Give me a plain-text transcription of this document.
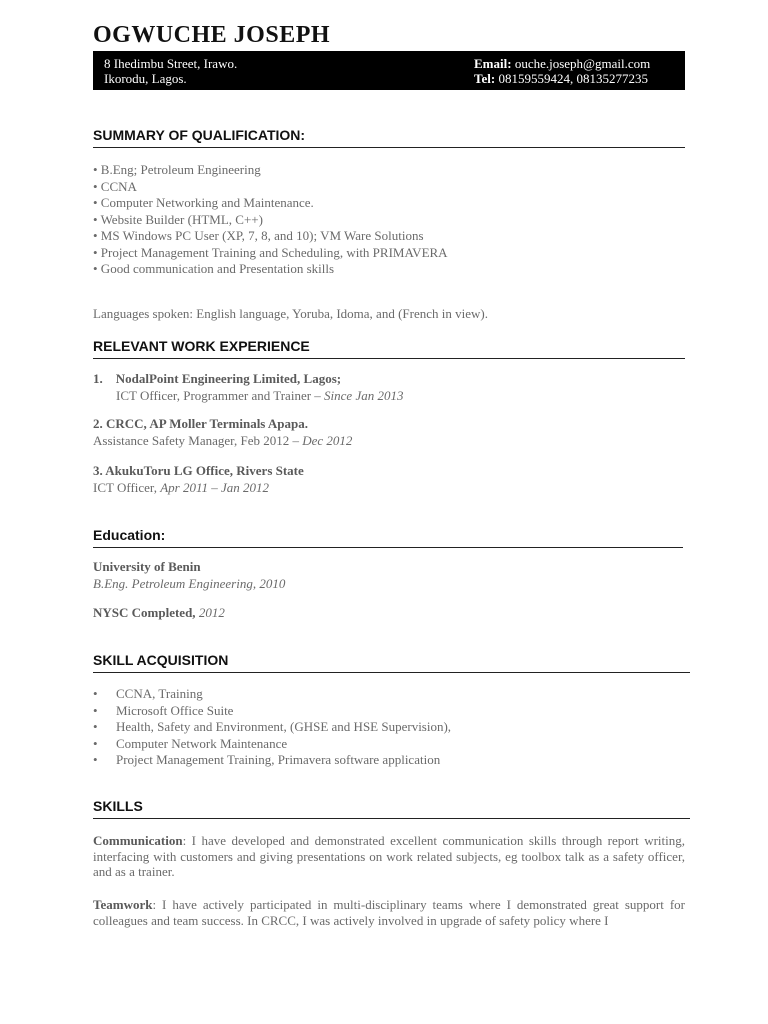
OGWUCHE JOSEPH
8 Ihedimbu Street, Irawo.
Ikorodu, Lagos.
Email: ouche.joseph@gmail.com
Tel: 08159559424, 08135277235
SUMMARY OF QUALIFICATION:
• B.Eng; Petroleum Engineering
• CCNA
• Computer Networking and Maintenance.
• Website Builder (HTML, C++)
• MS Windows PC User (XP, 7, 8, and 10); VM Ware Solutions
• Project Management Training and Scheduling, with PRIMAVERA
• Good communication and Presentation skills
Languages spoken: English language, Yoruba, Idoma, and (French in view).
RELEVANT WORK EXPERIENCE
1.    NodalPoint Engineering Limited, Lagos;
ICT Officer, Programmer and Trainer – Since Jan 2013
2. CRCC, AP Moller Terminals Apapa.
Assistance Safety Manager, Feb 2012 – Dec 2012
3. AkukuToru LG Office, Rivers State
ICT Officer, Apr 2011 – Jan 2012
Education:
University of Benin
B.Eng. Petroleum Engineering, 2010
NYSC Completed, 2012
SKILL ACQUISITION
• CCNA, Training
• Microsoft Office Suite
• Health, Safety and Environment, (GHSE and HSE Supervision),
• Computer Network Maintenance
• Project Management Training, Primavera software application
SKILLS
Communication: I have developed and demonstrated excellent communication skills through report writing, interfacing with customers and giving presentations on work related subjects, eg toolbox talk as a safety officer, and as a trainer.
Teamwork: I have actively participated in multi-disciplinary teams where I demonstrated great support for colleagues and team success. In CRCC, I was actively involved in upgrade of safety policy where I
